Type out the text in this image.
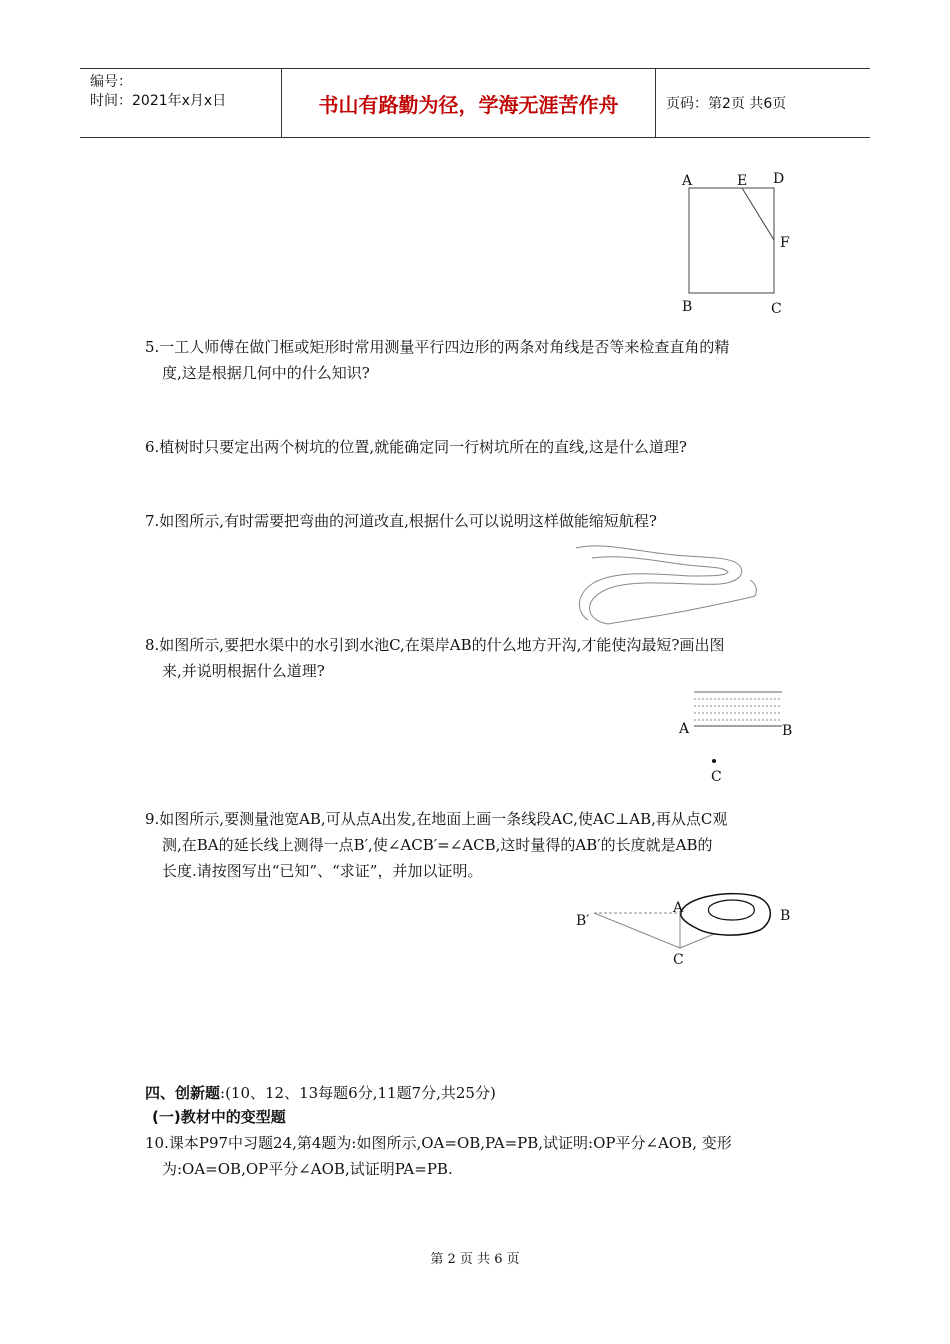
编号：
时间：2021年x月x日	书山有路勤为径，学海无涯苦作舟	页码：第2页 共6页
A	E D
F
B	C
5.一工人师傅在做门框或矩形时常用测量平行四边形的两条对角线是否等来检查直角的精
度,这是根据几何中的什么知识?
6.植树时只要定出两个树坑的位置,就能确定同一行树坑所在的直线,这是什么道理?
7.如图所示,有时需要把弯曲的河道改直,根据什么可以说明这样做能缩短航程?
8.如图所示,要把水渠中的水引到水池C,在渠岸AB的什么地方开沟,才能使沟最短?画出图
来,并说明根据什么道理?
A	B
C
9.如图所示,要测量池宽AB,可从点A出发,在地面上画一条线段AC,使AC⊥AB,再从点C观
测,在BA的延长线上测得一点B′,使∠ACB′=∠ACB,这时量得的AB′的长度就是AB的
长度.请按图写出“已知”、“求证”，并加以证明。
B′
A	B
C
四、创新题:(10、12、13每题6分,11题7分,共25分)
(一)教材中的变型题
10.课本P97中习题24,第4题为:如图所示,OA=OB,PA=PB,试证明:OP平分∠AOB, 变形
为:OA=OB,OP平分∠AOB,试证明PA=PB.
第 2 页 共 6 页
